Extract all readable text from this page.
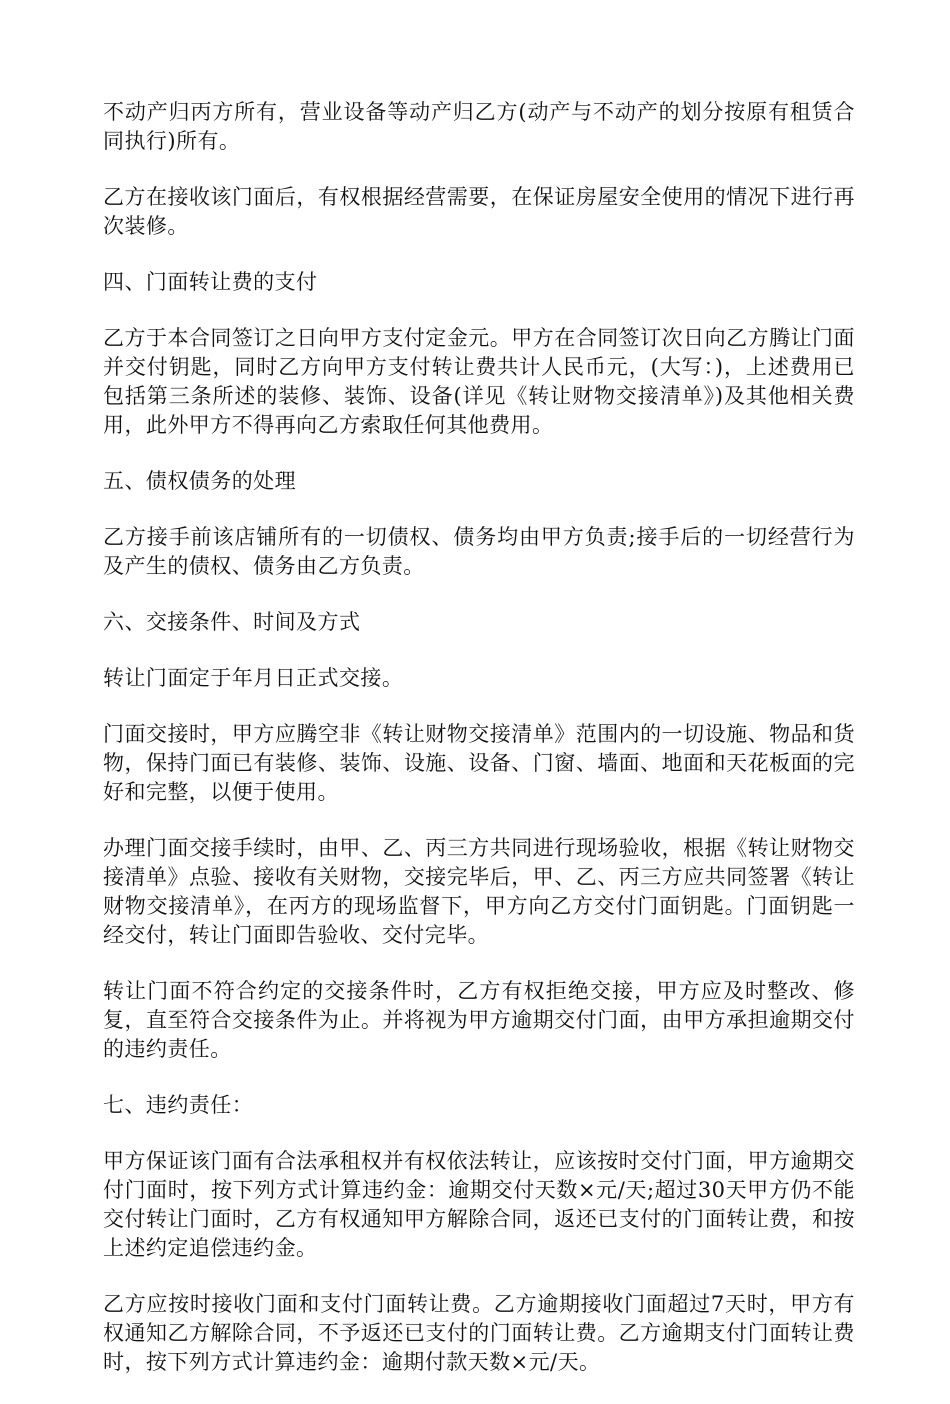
不动产归丙方所有，营业设备等动产归乙方(动产与不动产的划分按原有租赁合同执行)所有。

乙方在接收该门面后，有权根据经营需要，在保证房屋安全使用的情况下进行再次装修。

四、门面转让费的支付

乙方于本合同签订之日向甲方支付定金元。甲方在合同签订次日向乙方腾让门面并交付钥匙，同时乙方向甲方支付转让费共计人民币元，(大写：)，上述费用已包括第三条所述的装修、装饰、设备(详见《转让财物交接清单》)及其他相关费用，此外甲方不得再向乙方索取任何其他费用。

五、债权债务的处理

乙方接手前该店铺所有的一切债权、债务均由甲方负责;接手后的一切经营行为及产生的债权、债务由乙方负责。

六、交接条件、时间及方式

转让门面定于年月日正式交接。

门面交接时，甲方应腾空非《转让财物交接清单》范围内的一切设施、物品和货物，保持门面已有装修、装饰、设施、设备、门窗、墙面、地面和天花板面的完好和完整，以便于使用。

办理门面交接手续时，由甲、乙、丙三方共同进行现场验收，根据《转让财物交接清单》点验、接收有关财物，交接完毕后，甲、乙、丙三方应共同签署《转让财物交接清单》，在丙方的现场监督下，甲方向乙方交付门面钥匙。门面钥匙一经交付，转让门面即告验收、交付完毕。

转让门面不符合约定的交接条件时，乙方有权拒绝交接，甲方应及时整改、修复，直至符合交接条件为止。并将视为甲方逾期交付门面，由甲方承担逾期交付的违约责任。

七、违约责任：

甲方保证该门面有合法承租权并有权依法转让，应该按时交付门面，甲方逾期交付门面时，按下列方式计算违约金：逾期交付天数×元/天;超过30天甲方仍不能交付转让门面时，乙方有权通知甲方解除合同，返还已支付的门面转让费，和按上述约定追偿违约金。

乙方应按时接收门面和支付门面转让费。乙方逾期接收门面超过7天时，甲方有权通知乙方解除合同，不予返还已支付的门面转让费。乙方逾期支付门面转让费时，按下列方式计算违约金：逾期付款天数×元/天。
